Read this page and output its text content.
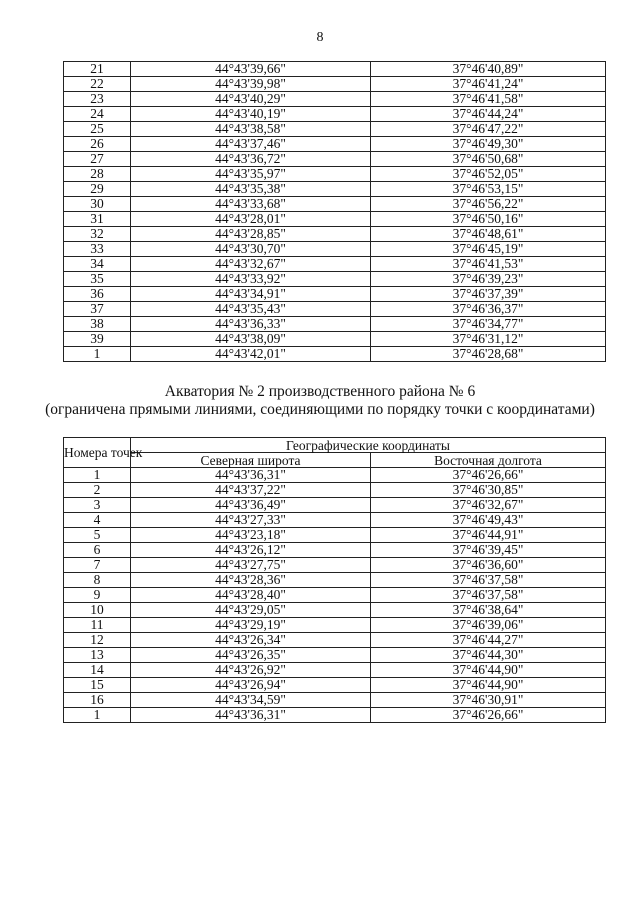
8
21	44°43'39,66"	37°46'40,89"
22	44°43'39,98"	37°46'41,24"
23	44°43'40,29"	37°46'41,58"
24	44°43'40,19"	37°46'44,24"
25	44°43'38,58"	37°46'47,22"
26	44°43'37,46"	37°46'49,30"
27	44°43'36,72"	37°46'50,68"
28	44°43'35,97"	37°46'52,05"
29	44°43'35,38"	37°46'53,15"
30	44°43'33,68"	37°46'56,22"
31	44°43'28,01"	37°46'50,16"
32	44°43'28,85"	37°46'48,61"
33	44°43'30,70"	37°46'45,19"
34	44°43'32,67"	37°46'41,53"
35	44°43'33,92"	37°46'39,23"
36	44°43'34,91"	37°46'37,39"
37	44°43'35,43"	37°46'36,37"
38	44°43'36,33"	37°46'34,77"
39	44°43'38,09"	37°46'31,12"
1	44°43'42,01"	37°46'28,68"
Акватория № 2 производственного района № 6
(ограничена прямыми линиями, соединяющими по порядку точки с координатами)
Номера точек	Географические координаты	
	Северная широта	Восточная долгота
1	44°43'36,31"	37°46'26,66"
2	44°43'37,22"	37°46'30,85"
3	44°43'36,49"	37°46'32,67"
4	44°43'27,33"	37°46'49,43"
5	44°43'23,18"	37°46'44,91"
6	44°43'26,12"	37°46'39,45"
7	44°43'27,75"	37°46'36,60"
8	44°43'28,36"	37°46'37,58"
9	44°43'28,40"	37°46'37,58"
10	44°43'29,05"	37°46'38,64"
11	44°43'29,19"	37°46'39,06"
12	44°43'26,34"	37°46'44,27"
13	44°43'26,35"	37°46'44,30"
14	44°43'26,92"	37°46'44,90"
15	44°43'26,94"	37°46'44,90"
16	44°43'34,59"	37°46'30,91"
1	44°43'36,31"	37°46'26,66"
